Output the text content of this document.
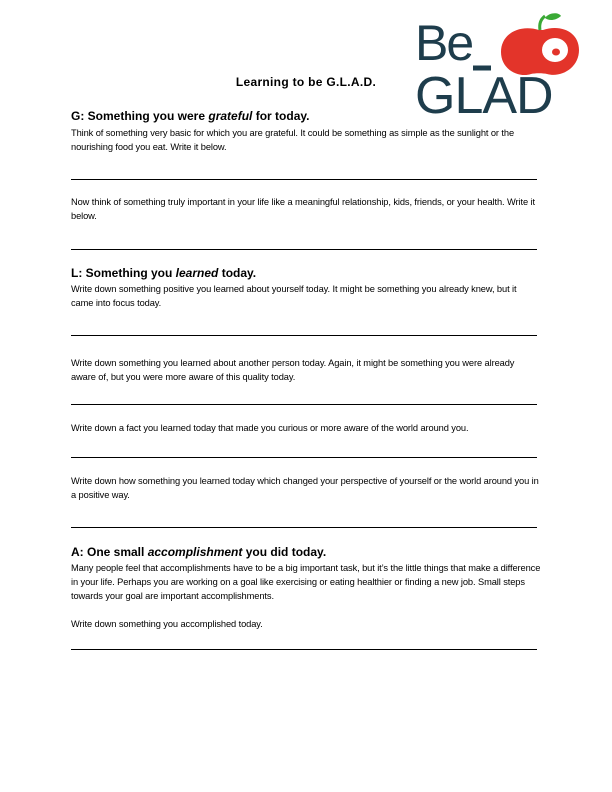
Be
GLAD
Learning to be G.L.A.D.

G: Something you were grateful for today.

Think of something very basic for which you are grateful. It could be something as simple as the sunlight or the nourishing food you eat. Write it below.

Now think of something truly important in your life like a meaningful relationship, kids, friends, or your health. Write it below.

L: Something you learned today.

Write down something positive you learned about yourself today. It might be something you already knew, but it came into focus today.

Write down something you learned about another person today. Again, it might be something you were already aware of, but you were more aware of this quality today.

Write down a fact you learned today that made you curious or more aware of the world around you.

Write down how something you learned today which changed your perspective of yourself or the world around you in a positive way.

A: One small accomplishment you did today.

Many people feel that accomplishments have to be a big important task, but it’s the little things that make a difference in your life. Perhaps you are working on a goal like exercising or eating healthier or finding a new job. Small steps towards your goal are important accomplishments.

Write down something you accomplished today.
